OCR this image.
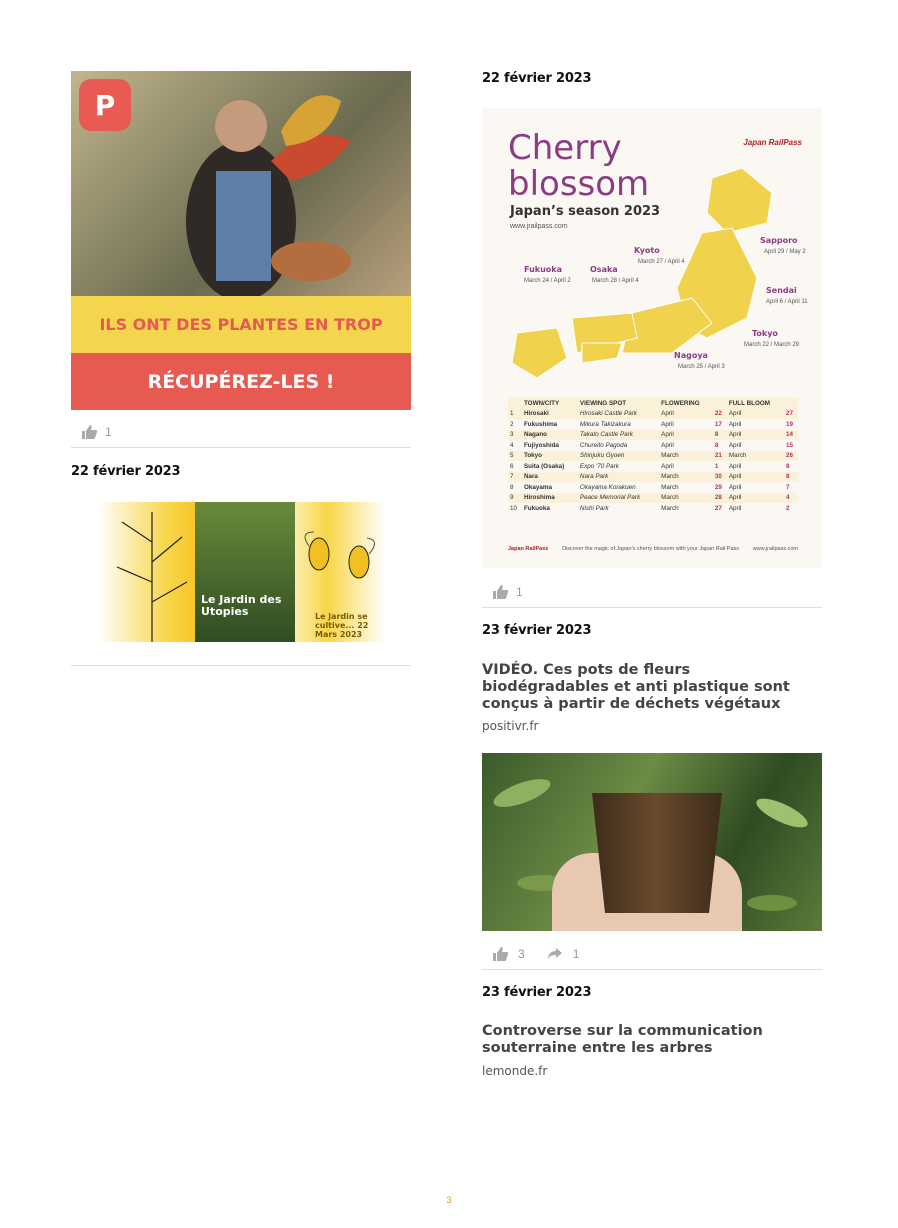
P
ILS ONT DES PLANTES EN TROP
RÉCUPÉREZ-LES !
1
22 février 2023
Le Jardin des Utopies	Le jardin se cultive... 22 Mars 2023
22 février 2023
Cherry blossom
Japan’s season 2023
www.jrailpass.com
Japan RailPass
Sapporo
April 29 / May 2
Kyoto
March 27 / April 4
Osaka
March 28 / April 4
Fukuoka
March 24 / April 2
Sendai
April 6 / April 11
Tokyo
March 22 / March 29
Nagoya
March 25 / April 3
	TOWN/CITY	VIEWING SPOT	FLOWERING		FULL BLOOM	
1	Hirosaki	Hirosaki Castle Park	April	22	April	27
2	Fukushima	Mikura Takizakura	April	17	April	19
3	Nagano	Takato Castle Park	April	8	April	14
4	Fujiyoshida	Chureito Pagoda	April	8	April	15
5	Tokyo	Shinjuku Gyoen	March	21	March	26
6	Suita (Osaka)	Expo '70 Park	April	1	April	8
7	Nara	Nara Park	March	30	April	8
8	Okayama	Okayama Korakuen	March	29	April	7
9	Hiroshima	Peace Memorial Park	March	28	April	4
10	Fukuoka	Nishi Park	March	27	April	2
Japan RailPass	Discover the magic of Japan’s cherry blossom with your Japan Rail Pass	www.jrailpass.com
1
23 février 2023
VIDÉO. Ces pots de fleurs biodégradables et anti plastique sont conçus à partir de déchets végétaux
positivr.fr
3	1
23 février 2023
Controverse sur la communication souterraine entre les arbres
lemonde.fr
3
